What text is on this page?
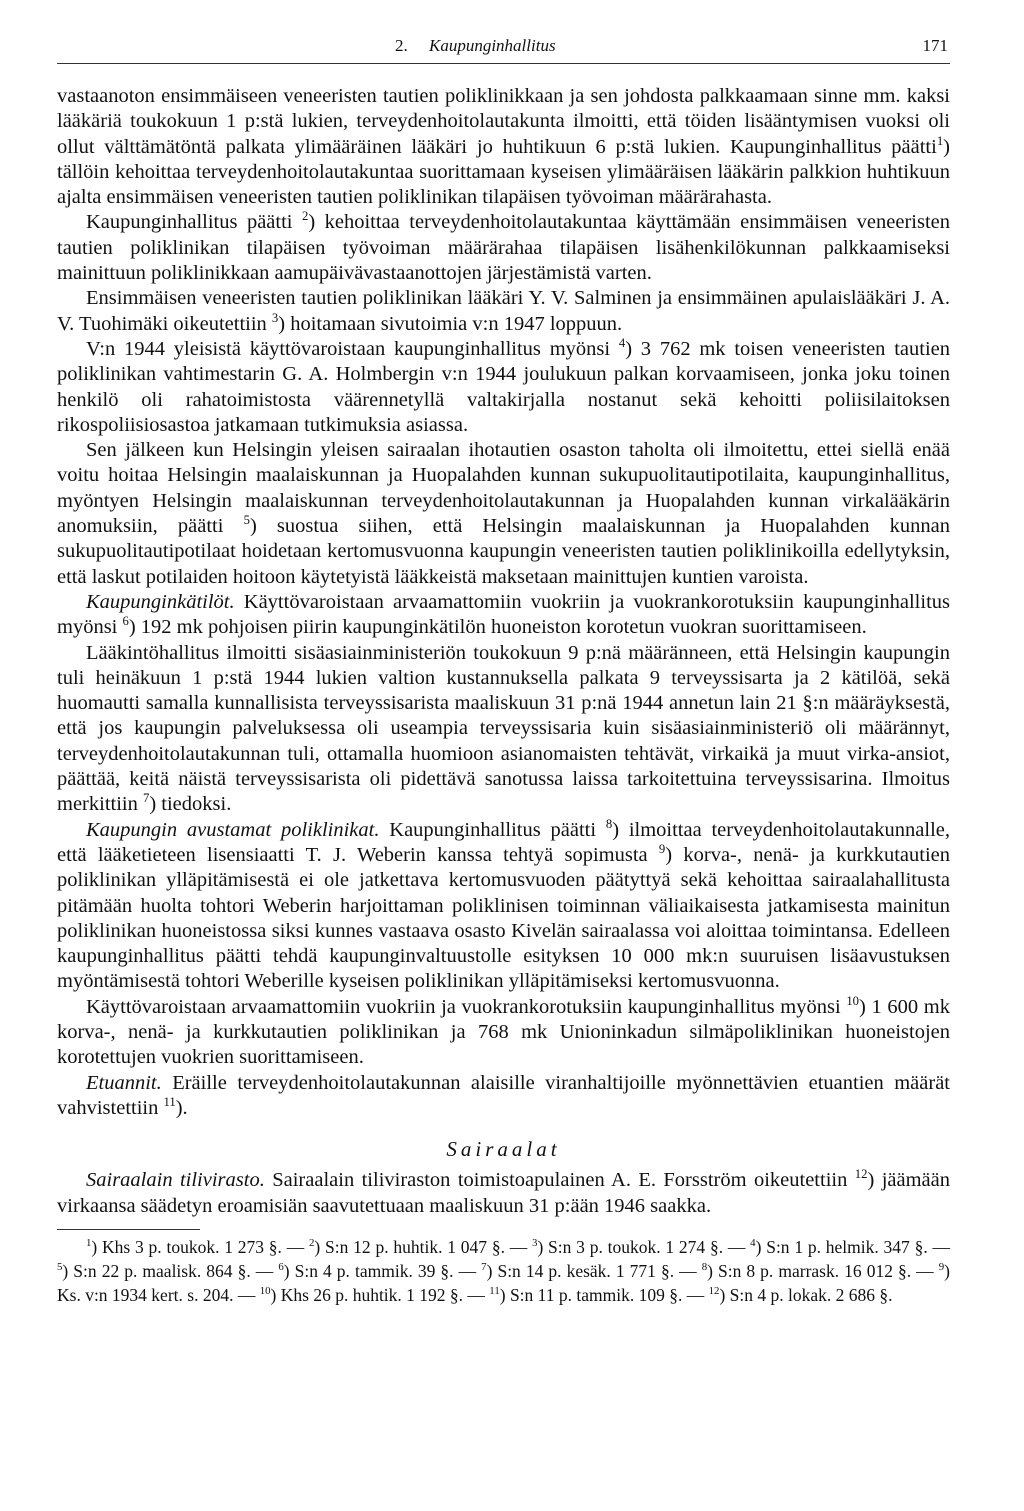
2. Kaupunginhallitus	171

vastaanoton ensimmäiseen veneeristen tautien poliklinikkaan ja sen johdosta palkkaamaan sinne mm. kaksi lääkäriä toukokuun 1 p:stä lukien, terveydenhoitolautakunta ilmoitti, että töiden lisääntymisen vuoksi oli ollut välttämätöntä palkata ylimääräinen lääkäri jo huhtikuun 6 p:stä lukien. Kaupunginhallitus päätti$^1$) tällöin kehoittaa terveydenhoitolautakuntaa suorittamaan kyseisen ylimääräisen lääkärin palkkion huhtikuun ajalta ensimmäisen veneeristen tautien poliklinikan tilapäisen työvoiman määrärahasta.

Kaupunginhallitus päätti $^2$) kehoittaa terveydenhoitolautakuntaa käyttämään ensimmäisen veneeristen tautien poliklinikan tilapäisen työvoiman määrärahaa tilapäisen lisähenkilökunnan palkkaamiseksi mainittuun poliklinikkaan aamupäivävastaanottojen järjestämistä varten.

Ensimmäisen veneeristen tautien poliklinikan lääkäri Y. V. Salminen ja ensimmäinen apulaislääkäri J. A. V. Tuohimäki oikeutettiin $^3$) hoitamaan sivutoimia v:n 1947 loppuun.

V:n 1944 yleisistä käyttövaroistaan kaupunginhallitus myönsi $^4$) 3 762 mk toisen veneeristen tautien poliklinikan vahtimestarin G. A. Holmbergin v:n 1944 joulukuun palkan korvaamiseen, jonka joku toinen henkilö oli rahatoimistosta väärennetyllä valtakirjalla nostanut sekä kehoitti poliisilaitoksen rikospoliisiosastoa jatkamaan tutkimuksia asiassa.

Sen jälkeen kun Helsingin yleisen sairaalan ihotautien osaston taholta oli ilmoitettu, ettei siellä enää voitu hoitaa Helsingin maalaiskunnan ja Huopalahden kunnan sukupuolitautipotilaita, kaupunginhallitus, myöntyen Helsingin maalaiskunnan terveydenhoitolautakunnan ja Huopalahden kunnan virkalääkärin anomuksiin, päätti $^5$) suostua siihen, että Helsingin maalaiskunnan ja Huopalahden kunnan sukupuolitautipotilaat hoidetaan kertomusvuonna kaupungin veneeristen tautien poliklinikoilla edellytyksin, että laskut potilaiden hoitoon käytetyistä lääkkeistä maksetaan mainittujen kuntien varoista.

Kaupunginkätilöt. Käyttövaroistaan arvaamattomiin vuokriin ja vuokrankorotuksiin kaupunginhallitus myönsi $^6$) 192 mk pohjoisen piirin kaupunginkätilön huoneiston korotetun vuokran suorittamiseen.

Lääkintöhallitus ilmoitti sisäasiainministeriön toukokuun 9 p:nä määränneen, että Helsingin kaupungin tuli heinäkuun 1 p:stä 1944 lukien valtion kustannuksella palkata 9 terveyssisarta ja 2 kätilöä, sekä huomautti samalla kunnallisista terveyssisarista maaliskuun 31 p:nä 1944 annetun lain 21 §:n määräyksestä, että jos kaupungin palveluksessa oli useampia terveyssisaria kuin sisäasiainministeriö oli määrännyt, terveydenhoitolautakunnan tuli, ottamalla huomioon asianomaisten tehtävät, virkaikä ja muut virka-ansiot, päättää, keitä näistä terveyssisarista oli pidettävä sanotussa laissa tarkoitettuina terveyssisarina. Ilmoitus merkittiin $^7$) tiedoksi.

Kaupungin avustamat poliklinikat. Kaupunginhallitus päätti $^8$) ilmoittaa terveydenhoitolautakunnalle, että lääketieteen lisensiaatti T. J. Weberin kanssa tehtyä sopimusta $^9$) korva-, nenä- ja kurkkutautien poliklinikan ylläpitämisestä ei ole jatkettava kertomusvuoden päätyttyä sekä kehoittaa sairaalahallitusta pitämään huolta tohtori Weberin harjoittaman poliklinisen toiminnan väliaikaisesta jatkamisesta mainitun poliklinikan huoneistossa siksi kunnes vastaava osasto Kivelän sairaalassa voi aloittaa toimintansa. Edelleen kaupunginhallitus päätti tehdä kaupunginvaltuustolle esityksen 10 000 mk:n suuruisen lisäavustuksen myöntämisestä tohtori Weberille kyseisen poliklinikan ylläpitämiseksi kertomusvuonna.

Käyttövaroistaan arvaamattomiin vuokriin ja vuokrankorotuksiin kaupunginhallitus myönsi $^{10}$) 1 600 mk korva-, nenä- ja kurkkutautien poliklinikan ja 768 mk Unioninkadun silmäpoliklinikan huoneistojen korotettujen vuokrien suorittamiseen.

Etuannit. Eräille terveydenhoitolautakunnan alaisille viranhaltijoille myönnettävien etuantien määrät vahvistettiin $^{11}$).

Sairaalat

Sairaalain tilivirasto. Sairaalain tiliviraston toimistoapulainen A. E. Forsström oikeutettiin $^{12}$) jäämään virkaansa säädetyn eroamisiän saavutettuaan maaliskuun 31 p:ään 1946 saakka.

$^1$) Khs 3 p. toukok. 1 273 §. — $^2$) S:n 12 p. huhtik. 1 047 §. — $^3$) S:n 3 p. toukok. 1 274 §. — $^4$) S:n 1 p. helmik. 347 §. — $^5$) S:n 22 p. maalisk. 864 §. — $^6$) S:n 4 p. tammik. 39 §. — $^7$) S:n 14 p. kesäk. 1 771 §. — $^8$) S:n 8 p. marrask. 16 012 §. — $^9$) Ks. v:n 1934 kert. s. 204. — $^{10}$) Khs 26 p. huhtik. 1 192 §. — $^{11}$) S:n 11 p. tammik. 109 §. — $^{12}$) S:n 4 p. lokak. 2 686 §.
